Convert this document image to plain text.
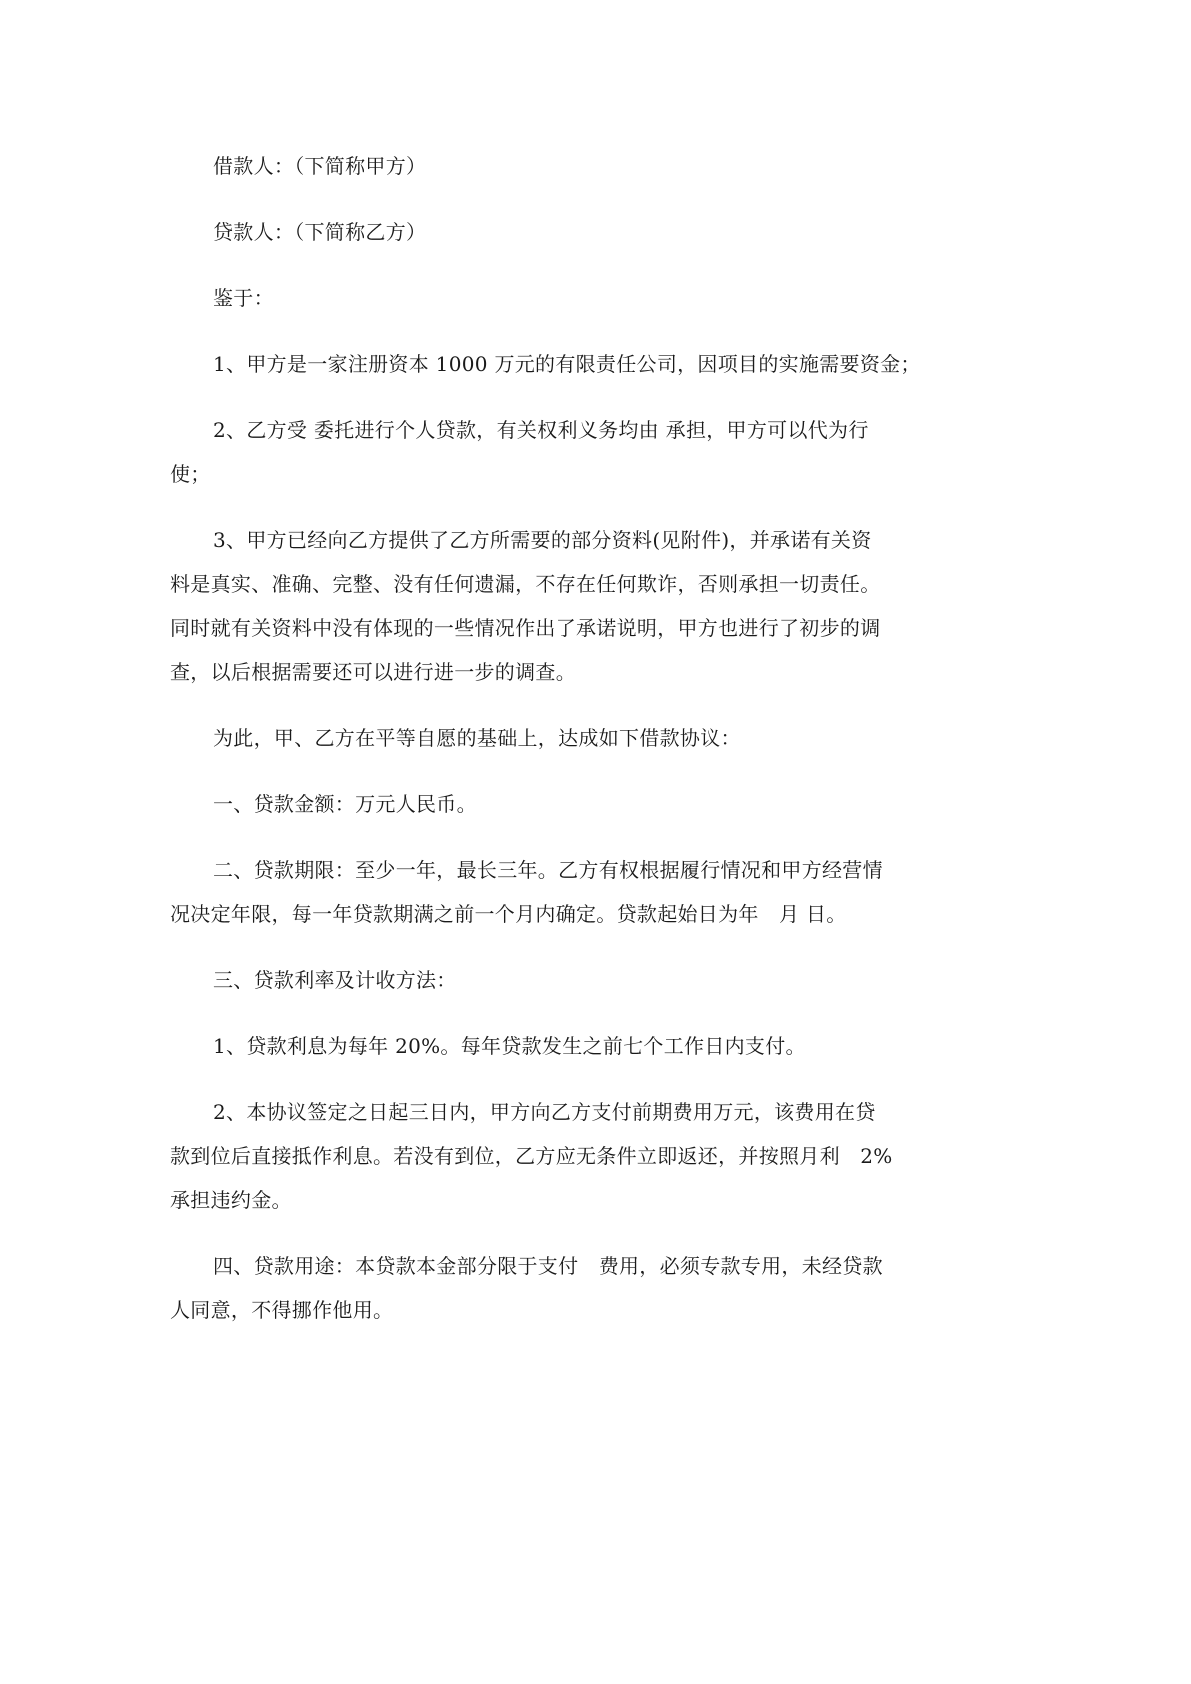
借款人：（下简称甲方）
贷款人：（下简称乙方）
鉴于：
1、甲方是一家注册资本 1000 万元的有限责任公司，因项目的实施需要资金；
2、乙方受 委托进行个人贷款，有关权利义务均由 承担，甲方可以代为行
使；
3、甲方已经向乙方提供了乙方所需要的部分资料(见附件)，并承诺有关资
料是真实、准确、完整、没有任何遗漏，不存在任何欺诈，否则承担一切责任。
同时就有关资料中没有体现的一些情况作出了承诺说明，甲方也进行了初步的调
查，以后根据需要还可以进行进一步的调查。
为此，甲、乙方在平等自愿的基础上，达成如下借款协议：
一、贷款金额：万元人民币。
二、贷款期限：至少一年，最长三年。乙方有权根据履行情况和甲方经营情
况决定年限，每一年贷款期满之前一个月内确定。贷款起始日为年　月 日。
三、贷款利率及计收方法：
1、贷款利息为每年 20%。每年贷款发生之前七个工作日内支付。
2、本协议签定之日起三日内，甲方向乙方支付前期费用万元，该费用在贷
款到位后直接抵作利息。若没有到位，乙方应无条件立即返还，并按照月利　2%
承担违约金。
四、贷款用途：本贷款本金部分限于支付　费用，必须专款专用，未经贷款
人同意，不得挪作他用。
